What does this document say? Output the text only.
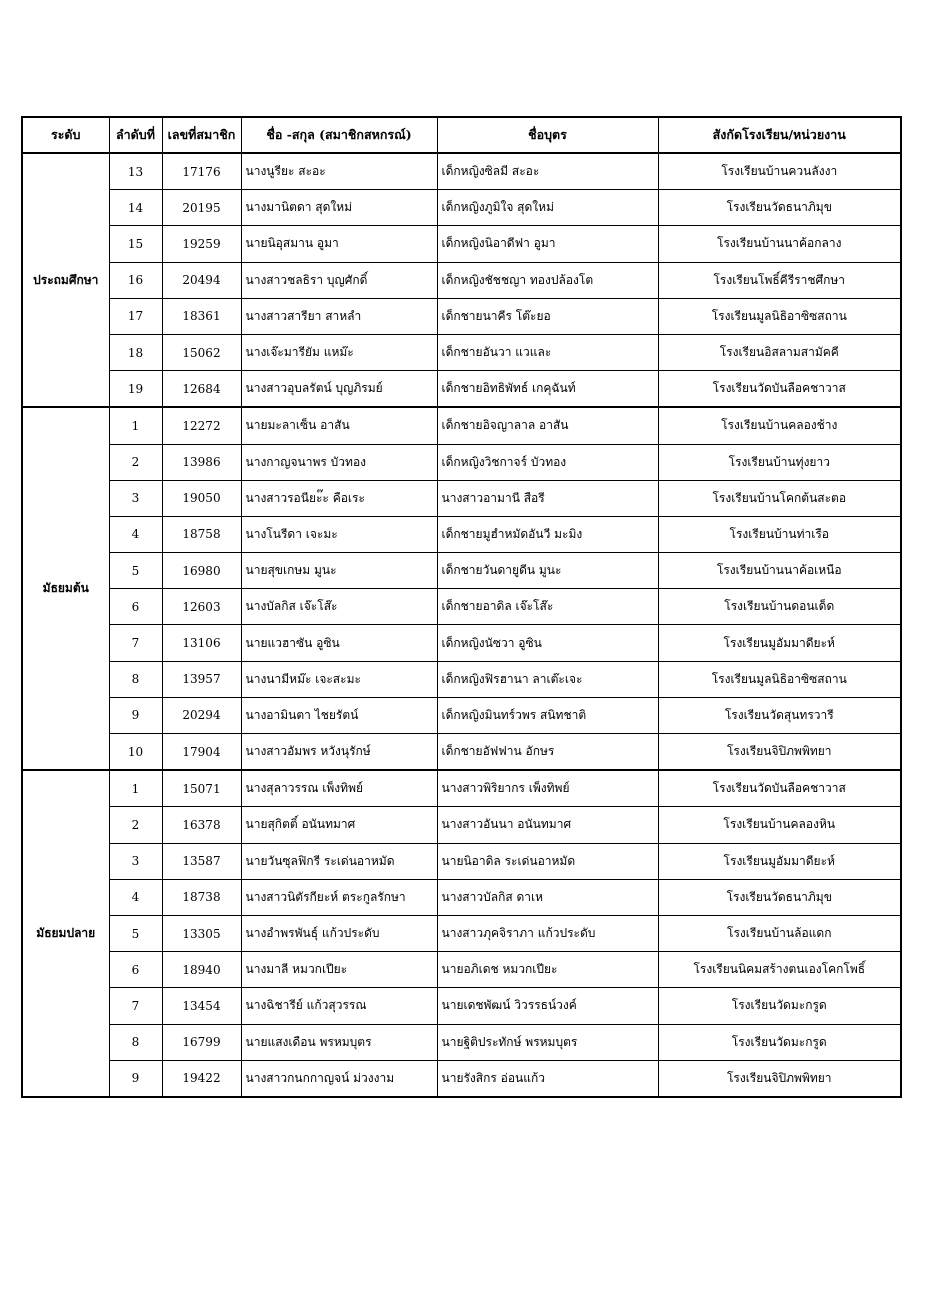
ระดับ	ลำดับที่	เลขที่สมาชิก	ชื่อ -สกุล (สมาชิกสหกรณ์)	ชื่อบุตร	สังกัดโรงเรียน/หน่วยงาน
ประถมศึกษา	13	17176	นางนูรียะ สะอะ	เด็กหญิงซิลมี สะอะ	โรงเรียนบ้านควนลังงา
	14	20195	นางมานิตดา สุดใหม่	เด็กหญิงภูมิใจ สุดใหม่	โรงเรียนวัดธนาภิมุข
	15	19259	นายนิอุสมาน อูมา	เด็กหญิงนิอาดีฟา อูมา	โรงเรียนบ้านนาค้อกลาง
	16	20494	นางสาวชลธิรา บุญศักดิ์	เด็กหญิงชัชชญา ทองปล้องโต	โรงเรียนโพธิ์คีรีราชศึกษา
	17	18361	นางสาวสารียา สาหลำ	เด็กชายนาคีร โต๊ะยอ	โรงเรียนมูลนิธิอาซิซสถาน
	18	15062	นางเจ๊ะมารียัม แหม๊ะ	เด็กชายอันวา แวและ	โรงเรียนอิสลามสามัคคี
	19	12684	นางสาวอุบลรัตน์ บุญภิรมย์	เด็กชายอิทธิพัทธ์ เกคุฉันท์	โรงเรียนวัดบันลือคชาวาส
มัธยมต้น	1	12272	นายมะลาเซ็น อาสัน	เด็กชายอิจญาลาล อาสัน	โรงเรียนบ้านคลองช้าง
	2	13986	นางกาญจนาพร บัวทอง	เด็กหญิงวิชกาจร์ บัวทอง	โรงเรียนบ้านทุ่งยาว
	3	19050	นางสาวรอนียะ๊ะ คือเระ	นางสาวอามานี สือรี	โรงเรียนบ้านโคกต้นสะตอ
	4	18758	นางโนรีดา เจะมะ	เด็กชายมูฮำหมัดอันวี มะมิง	โรงเรียนบ้านท่าเรือ
	5	16980	นายสุขเกษม มูนะ	เด็กชายวันดายูดีน มูนะ	โรงเรียนบ้านนาค้อเหนือ
	6	12603	นางบัลกิส เจ๊ะโส๊ะ	เด็กชายอาดิล เจ๊ะโส๊ะ	โรงเรียนบ้านดอนเด็ด
	7	13106	นายแวฮาซัน อูซิน	เด็กหญิงนัซวา อูซิน	โรงเรียนมูอัมมาดียะห์
	8	13957	นางนามีหม๊ะ เจะสะมะ	เด็กหญิงฟิรฮานา ลาเต๊ะเจะ	โรงเรียนมูลนิธิอาซิซสถาน
	9	20294	นางอามินตา ไชยรัตน์	เด็กหญิงมินทร์วพร สนิทชาติ	โรงเรียนวัดสุนทรวารี
	10	17904	นางสาวอัมพร หวังนุรักษ์	เด็กชายอัฟฟาน อักษร	โรงเรียนจิปิภพพิทยา
มัธยมปลาย	1	15071	นางสุลาวรรณ เพ็งทิพย์	นางสาวพิริยากร เพ็งทิพย์	โรงเรียนวัดบันลือคชาวาส
	2	16378	นายสุกิตติ์ อนันทมาศ	นางสาวอันนา อนันทมาศ	โรงเรียนบ้านคลองหิน
	3	13587	นายวันซุลฟิกรี ระเด่นอาหมัด	นายนิอาดิล ระเด่นอาหมัด	โรงเรียนมูอัมมาดียะห์
	4	18738	นางสาวนิตัรกียะห์ ตระกูลรักษา	นางสาวบัลกิส ดาเห	โรงเรียนวัดธนาภิมุข
	5	13305	นางอำพรพันธุ์ แก้วประดับ	นางสาวภุคจิราภา แก้วประดับ	โรงเรียนบ้านล้อแดก
	6	18940	นางมาลี หมวกเปียะ	นายอภิเดช หมวกเปียะ	โรงเรียนนิคมสร้างตนเองโคกโพธิ์
	7	13454	นางฉิชารีย์ แก้วสุวรรณ	นายเดชพัฒน์ วิวรรธน์วงค์	โรงเรียนวัดมะกรูด
	8	16799	นายแสงเดือน พรหมบุตร	นายฐิติประทักษ์ พรหมบุตร	โรงเรียนวัดมะกรูด
	9	19422	นางสาวกนกกาญจน์ ม่วงงาม	นายรังสิกร อ่อนแก้ว	โรงเรียนจิปิภพพิทยา
